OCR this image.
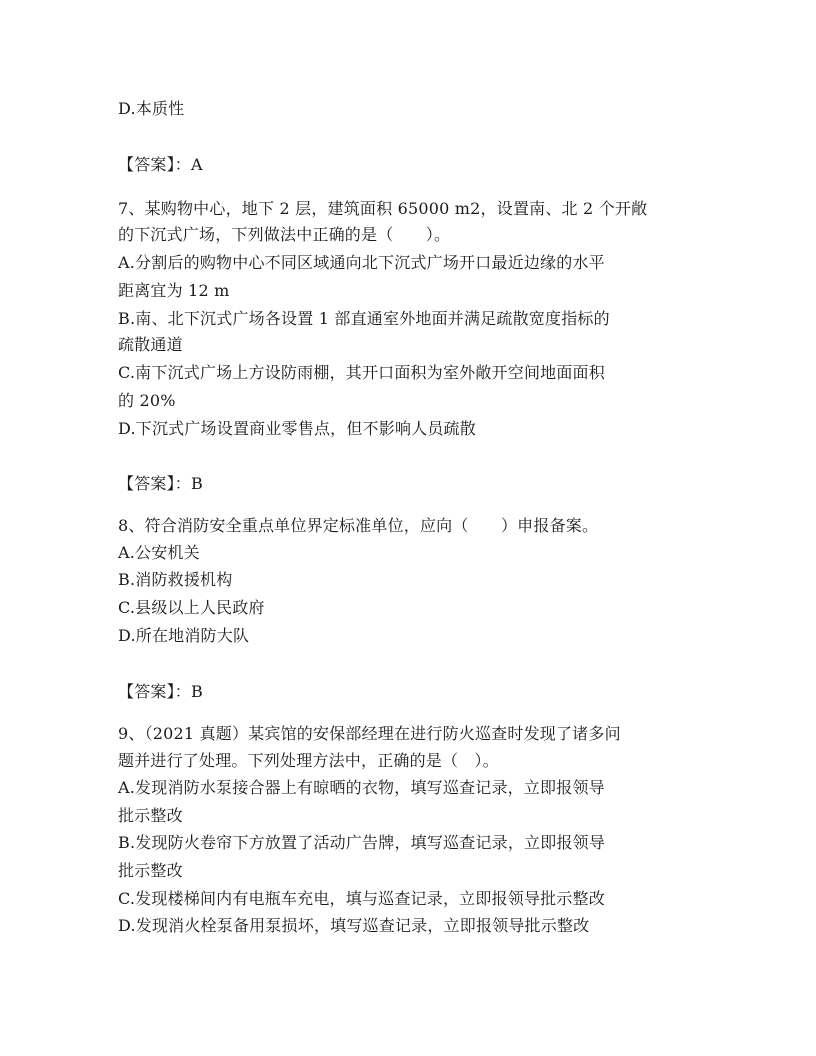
D.本质性
【答案】：A
7、某购物中心，地下 2 层，建筑面积 65000 m2，设置南、北 2 个开敞
的下沉式广场，下列做法中正确的是（　　）。
A.分割后的购物中心不同区域通向北下沉式广场开口最近边缘的水平
距离宜为 12 m
B.南、北下沉式广场各设置 1 部直通室外地面并满足疏散宽度指标的
疏散通道
C.南下沉式广场上方设防雨棚，其开口面积为室外敞开空间地面面积
的 20%
D.下沉式广场设置商业零售点，但不影响人员疏散
【答案】：B
8、符合消防安全重点单位界定标准单位，应向（　　）申报备案。
A.公安机关
B.消防救援机构
C.县级以上人民政府
D.所在地消防大队
【答案】：B
9、（2021 真题）某宾馆的安保部经理在进行防火巡查时发现了诸多问
题并进行了处理。下列处理方法中，正确的是（　）。
A.发现消防水泵接合器上有晾晒的衣物，填写巡查记录，立即报领导
批示整改
B.发现防火卷帘下方放置了活动广告牌，填写巡查记录，立即报领导
批示整改
C.发现楼梯间内有电瓶车充电，填与巡查记录，立即报领导批示整改
D.发现消火栓泵备用泵损坏，填写巡查记录，立即报领导批示整改
